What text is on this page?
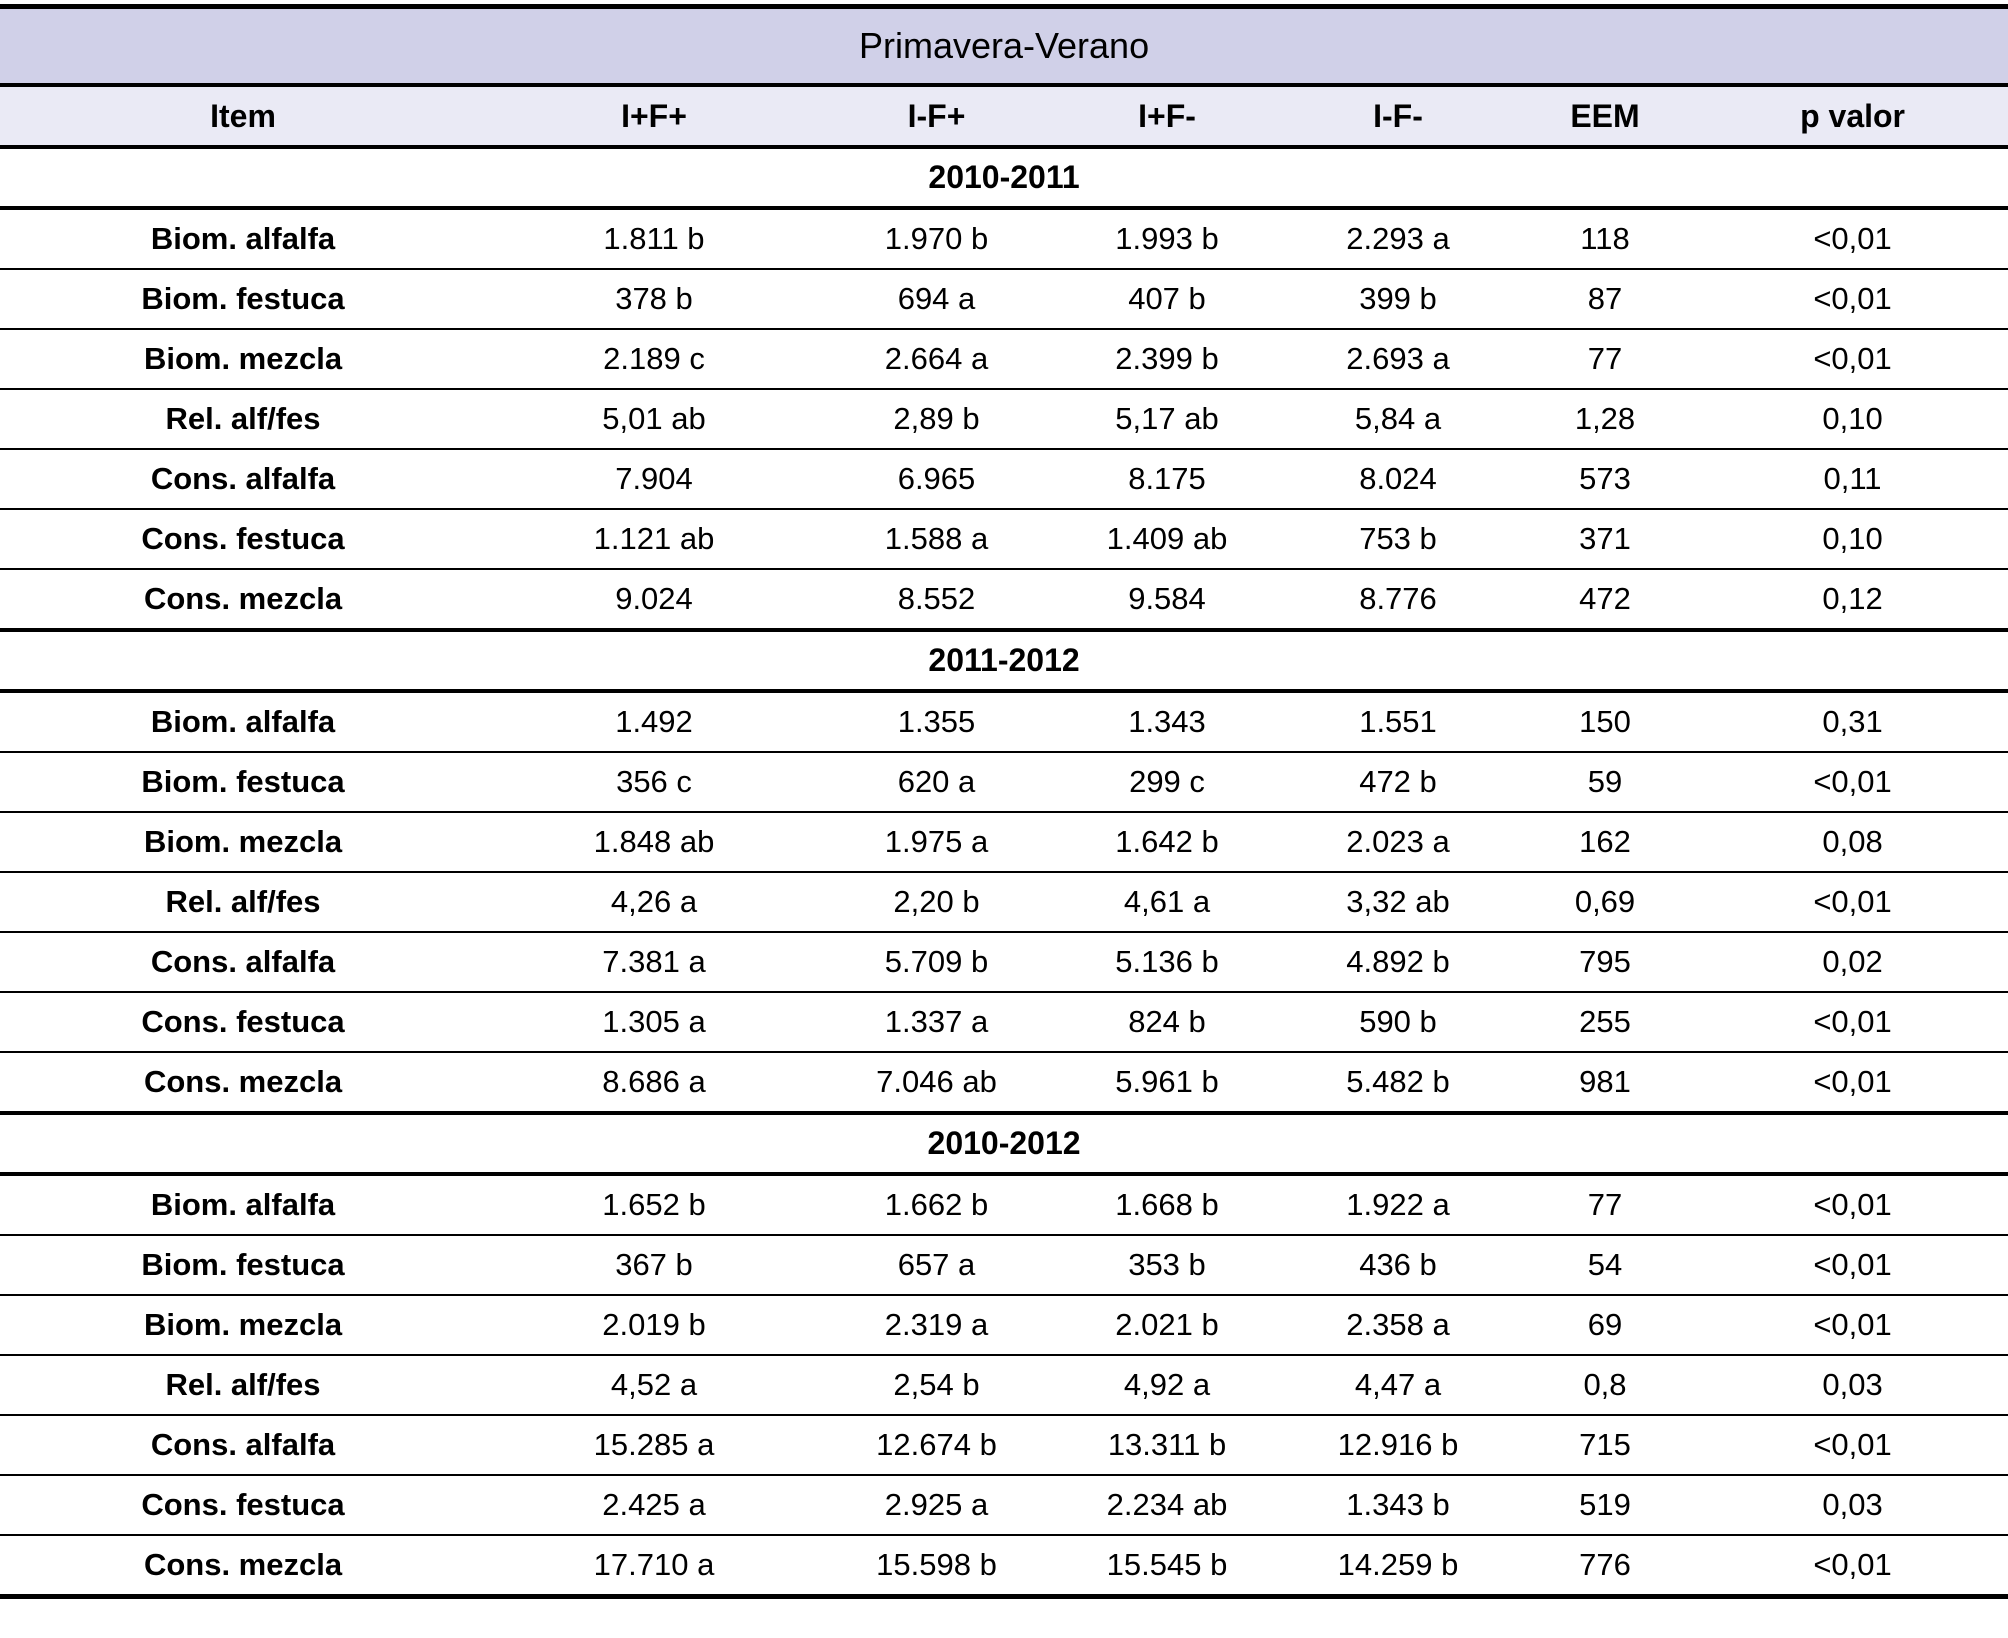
Primavera-Verano						
Item	I+F+	I-F+	I+F-	I-F-	EEM	p valor
2010-2011						
Biom. alfalfa	1.811 b	1.970 b	1.993 b	2.293 a	118	<0,01
Biom. festuca	378 b	694 a	407 b	399 b	87	<0,01
Biom. mezcla	2.189 c	2.664 a	2.399 b	2.693 a	77	<0,01
Rel. alf/fes	5,01 ab	2,89 b	5,17 ab	5,84 a	1,28	0,10
Cons. alfalfa	7.904	6.965	8.175	8.024	573	0,11
Cons. festuca	1.121 ab	1.588 a	1.409 ab	753 b	371	0,10
Cons. mezcla	9.024	8.552	9.584	8.776	472	0,12
2011-2012						
Biom. alfalfa	1.492	1.355	1.343	1.551	150	0,31
Biom. festuca	356 c	620 a	299 c	472 b	59	<0,01
Biom. mezcla	1.848 ab	1.975 a	1.642 b	2.023 a	162	0,08
Rel. alf/fes	4,26 a	2,20 b	4,61 a	3,32 ab	0,69	<0,01
Cons. alfalfa	7.381 a	5.709 b	5.136 b	4.892 b	795	0,02
Cons. festuca	1.305 a	1.337 a	824 b	590 b	255	<0,01
Cons. mezcla	8.686 a	7.046 ab	5.961 b	5.482 b	981	<0,01
2010-2012						
Biom. alfalfa	1.652 b	1.662 b	1.668 b	1.922 a	77	<0,01
Biom. festuca	367 b	657 a	353 b	436 b	54	<0,01
Biom. mezcla	2.019 b	2.319 a	2.021 b	2.358 a	69	<0,01
Rel. alf/fes	4,52 a	2,54 b	4,92 a	4,47 a	0,8	0,03
Cons. alfalfa	15.285 a	12.674 b	13.311 b	12.916 b	715	<0,01
Cons. festuca	2.425 a	2.925 a	2.234 ab	1.343 b	519	0,03
Cons. mezcla	17.710 a	15.598 b	15.545 b	14.259 b	776	<0,01
